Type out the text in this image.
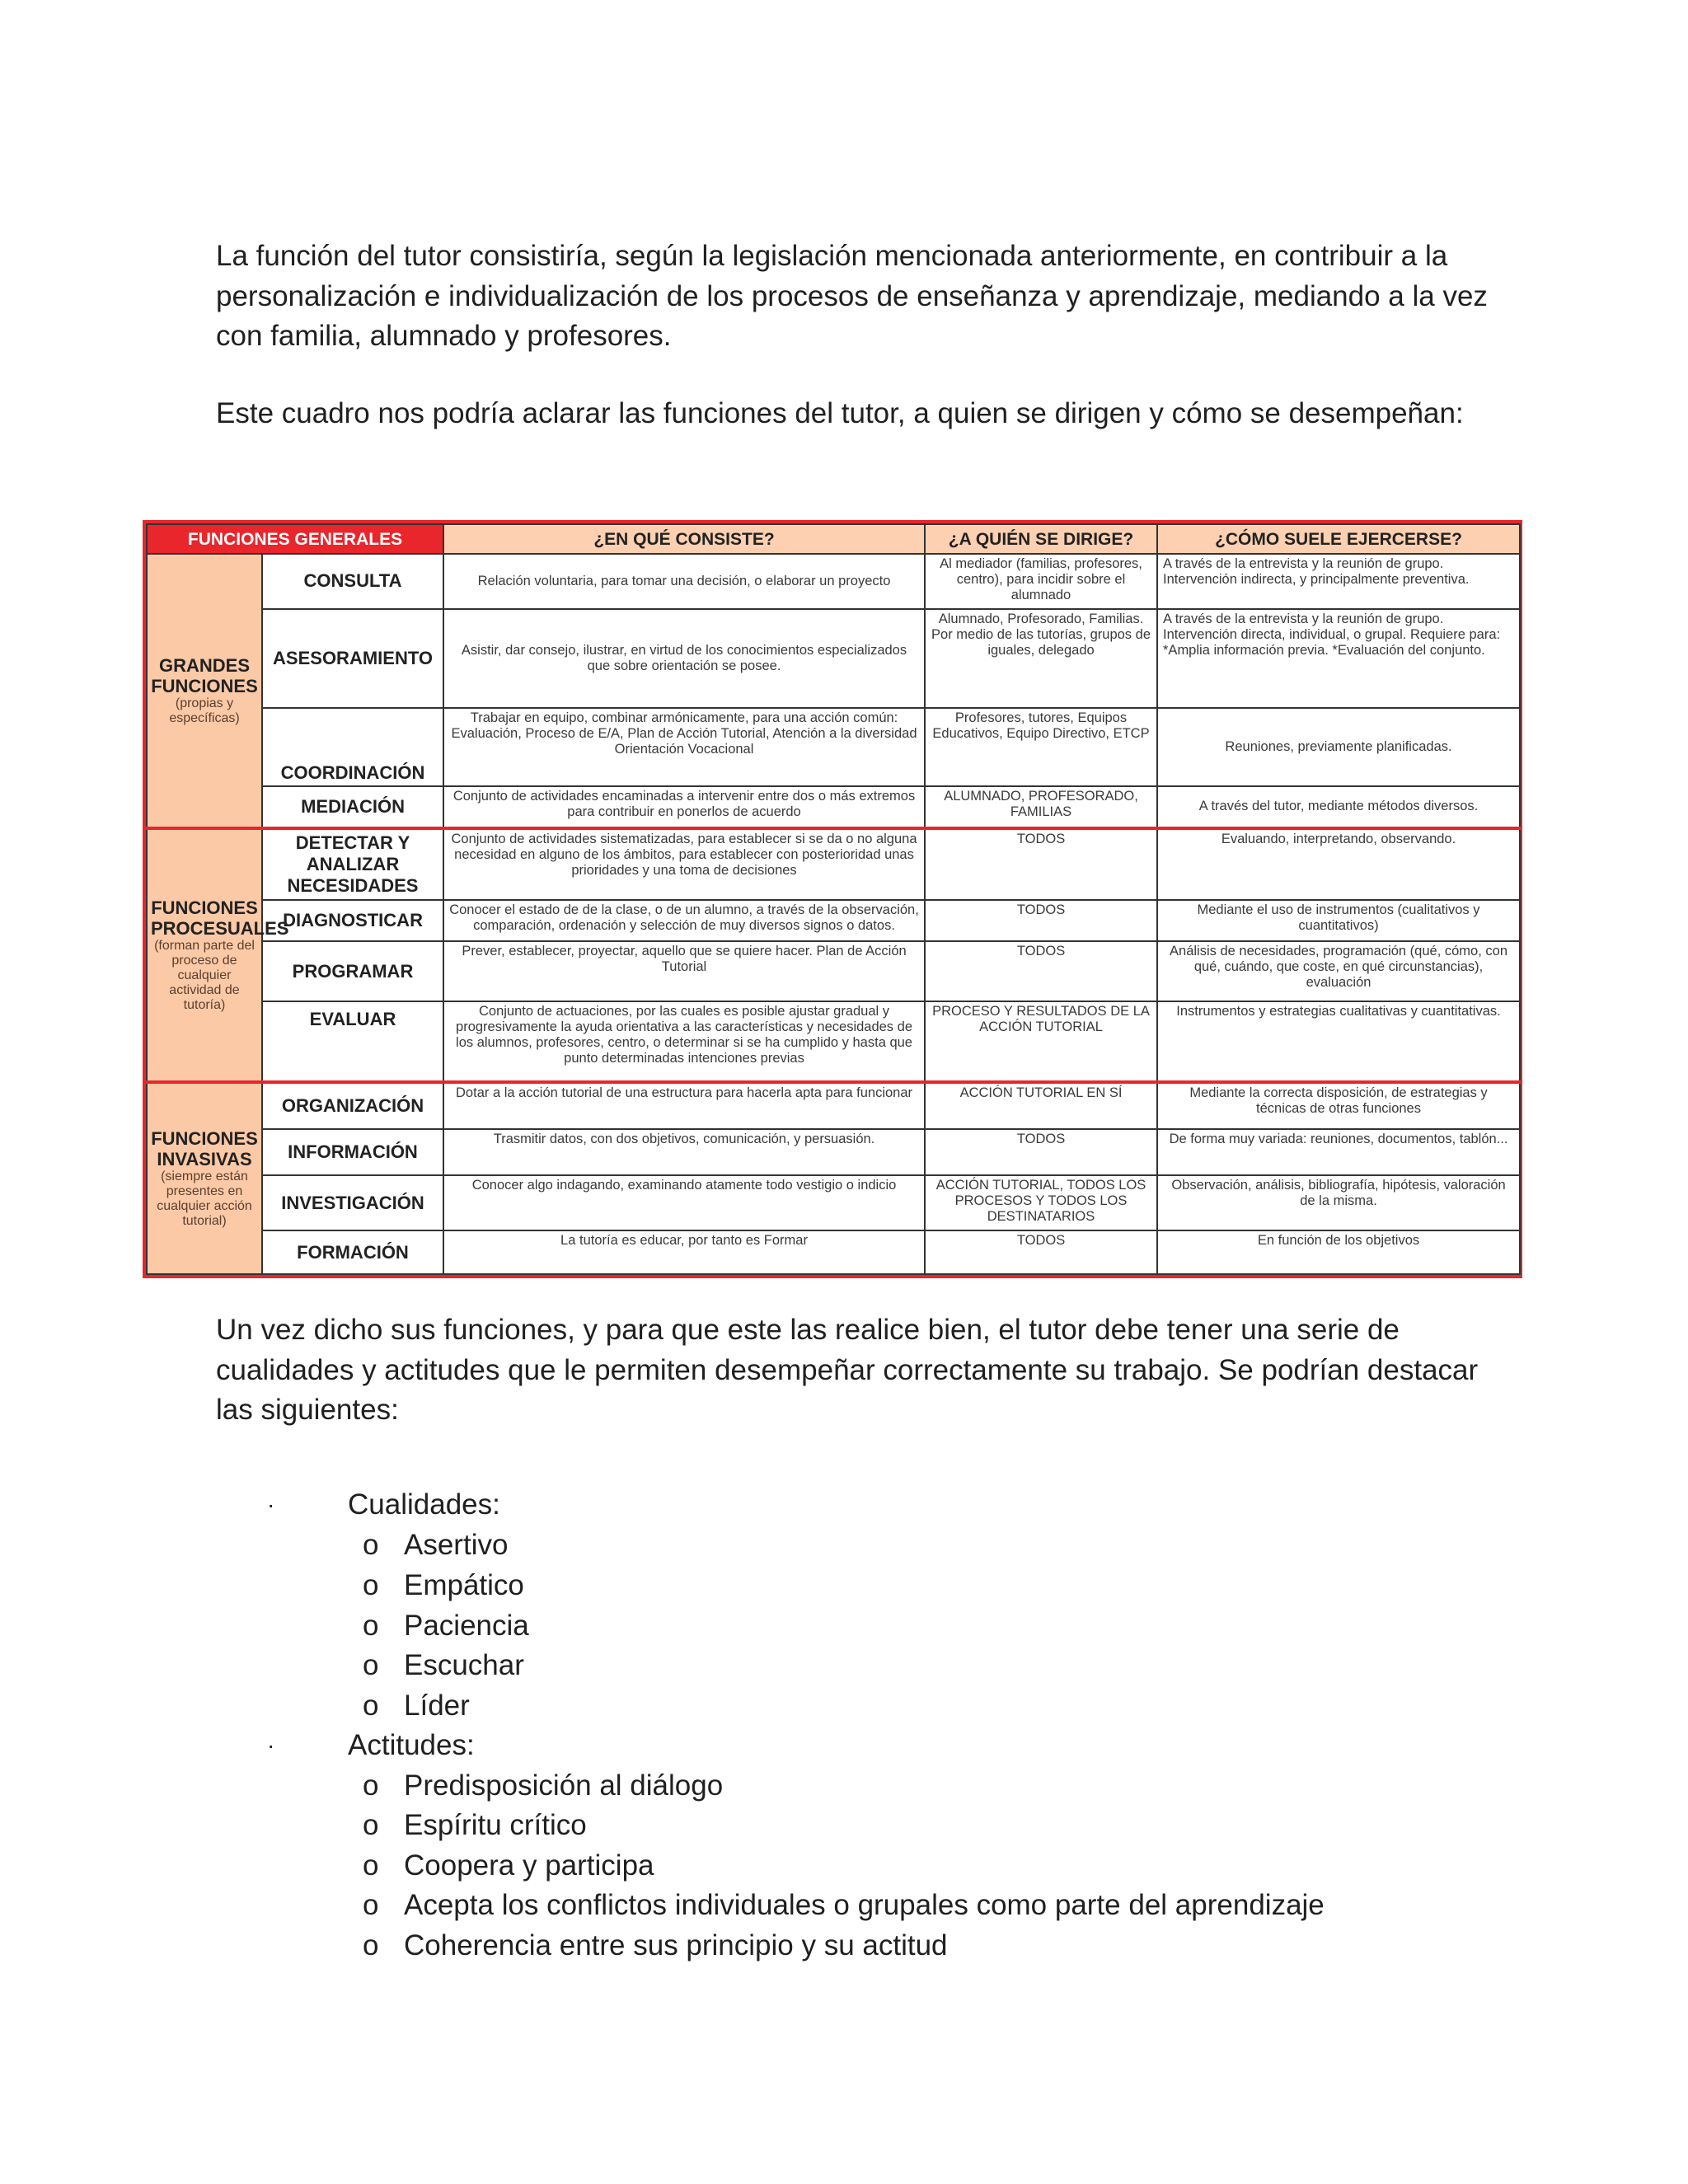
La función del tutor consistiría, según la legislación mencionada anteriormente, en contribuir a la personalización e individualización de los procesos de enseñanza y aprendizaje, mediando a la vez con familia, alumnado y profesores.

Este cuadro nos podría aclarar las funciones del tutor, a quien se dirigen y cómo se desempeñan:

FUNCIONES GENERALES		¿EN QUÉ CONSISTE?	¿A QUIÉN SE DIRIGE?	¿CÓMO SUELE EJERCERSE?

GRANDES FUNCIONES
(propias y específicas)	CONSULTA	Relación voluntaria, para tomar una decisión, o elaborar un proyecto	Al mediador (familias, profesores, centro), para incidir sobre el alumnado	A través de la entrevista y la reunión de grupo. Intervención indirecta, y principalmente preventiva.
	ASESORAMIENTO	Asistir, dar consejo, ilustrar, en virtud de los conocimientos especializados que sobre orientación se posee.	Alumnado, Profesorado, Familias. Por medio de las tutorías, grupos de iguales, delegado	A través de la entrevista y la reunión de grupo. Intervención directa, individual, o grupal. Requiere para: *Amplia información previa. *Evaluación del conjunto.
	COORDINACIÓN	Trabajar en equipo, combinar armónicamente, para una acción común: Evaluación, Proceso de E/A, Plan de Acción Tutorial, Atención a la diversidad Orientación Vocacional	Profesores, tutores, Equipos Educativos, Equipo Directivo, ETCP	Reuniones, previamente planificadas.
	MEDIACIÓN	Conjunto de actividades encaminadas a intervenir entre dos o más extremos para contribuir en ponerlos de acuerdo	ALUMNADO, PROFESORADO, FAMILIAS	A través del tutor, mediante métodos diversos.

FUNCIONES PROCESUALES
(forman parte del proceso de cualquier actividad de tutoría)	DETECTAR Y ANALIZAR NECESIDADES	Conjunto de actividades sistematizadas, para establecer si se da o no alguna necesidad en alguno de los ámbitos, para establecer con posterioridad unas prioridades y una toma de decisiones	TODOS	Evaluando, interpretando, observando.
	DIAGNOSTICAR	Conocer el estado de de la clase, o de un alumno, a través de la observación, comparación, ordenación y selección de muy diversos signos o datos.	TODOS	Mediante el uso de instrumentos (cualitativos y cuantitativos)
	PROGRAMAR	Prever, establecer, proyectar, aquello que se quiere hacer. Plan de Acción Tutorial	TODOS	Análisis de necesidades, programación (qué, cómo, con qué, cuándo, que coste, en qué circunstancias), evaluación
	EVALUAR	Conjunto de actuaciones, por las cuales es posible ajustar gradual y progresivamente la ayuda orientativa a las características y necesidades de los alumnos, profesores, centro, o determinar si se ha cumplido y hasta que punto determinadas intenciones previas	PROCESO Y RESULTADOS DE LA ACCIÓN TUTORIAL	Instrumentos y estrategias cualitativas y cuantitativas.

FUNCIONES INVASIVAS
(siempre están presentes en cualquier acción tutorial)	ORGANIZACIÓN	Dotar a la acción tutorial de una estructura para hacerla apta para funcionar	ACCIÓN TUTORIAL EN SÍ	Mediante la correcta disposición, de estrategias y técnicas de otras funciones
	INFORMACIÓN	Trasmitir datos, con dos objetivos, comunicación, y persuasión.	TODOS	De forma muy variada: reuniones, documentos, tablón...
	INVESTIGACIÓN	Conocer algo indagando, examinando atamente todo vestigio o indicio	ACCIÓN TUTORIAL, TODOS LOS PROCESOS Y TODOS LOS DESTINATARIOS	Observación, análisis, bibliografía, hipótesis, valoración de la misma.
	FORMACIÓN	La tutoría es educar, por tanto es Formar	TODOS	En función de los objetivos

Un vez dicho sus funciones, y para que este las realice bien, el tutor debe tener una serie de cualidades y actitudes que le permiten desempeñar correctamente su trabajo. Se podrían destacar las siguientes:

·	Cualidades:
o Asertivo
o Empático
o Paciencia
o Escuchar
o Líder
·	Actitudes:
o Predisposición al diálogo
o Espíritu crítico
o Coopera y participa
o Acepta los conflictos individuales o grupales como parte del aprendizaje
o Coherencia entre sus principio y su actitud
